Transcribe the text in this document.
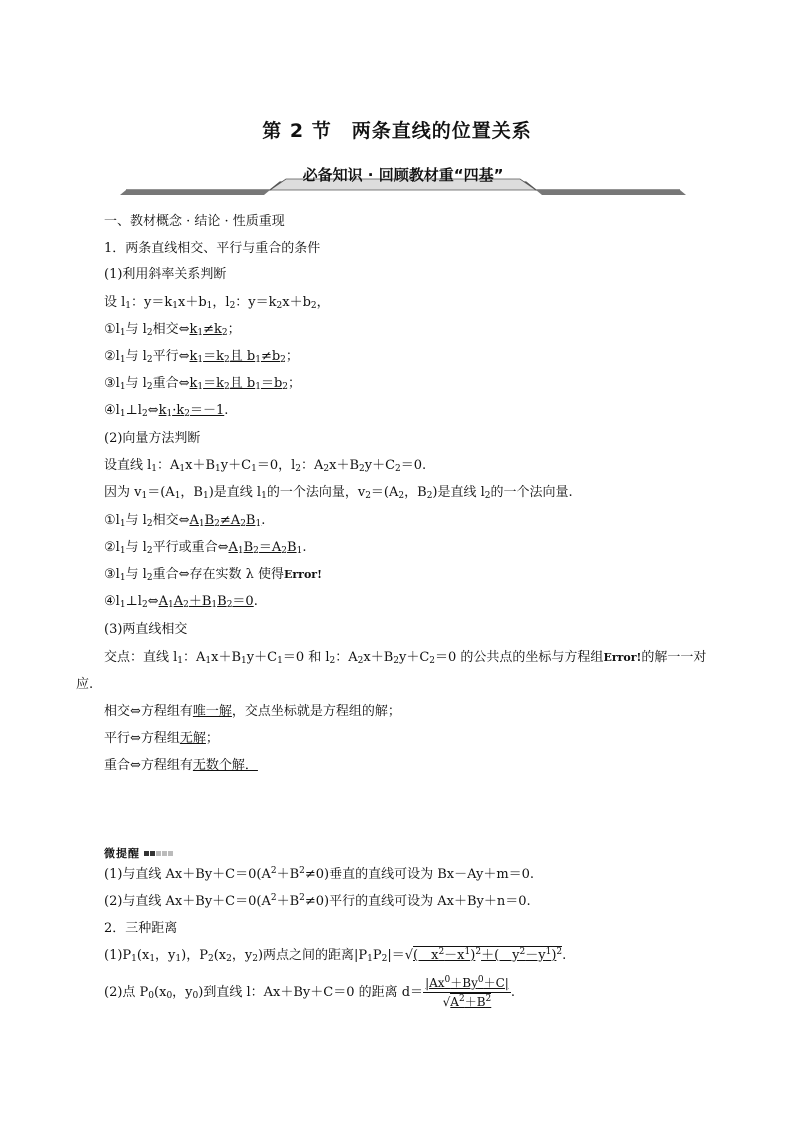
第 2 节　两条直线的位置关系
必备知识 · 回顾教材重“四基”
一、教材概念 · 结论 · 性质重现
1．两条直线相交、平行与重合的条件
(1)利用斜率关系判断
设 $l_1$：$y=k_1x+b_1$，$l_2$：$y=k_2x+b_2$，
$①l_1$与 $l_2$相交$\Leftrightarrow k_1\ne k_2$；
$②l_1$与 $l_2$平行$\Leftrightarrow k_1=k_2$且 $b_1\ne b_2$；
$③l_1$与 $l_2$重合$\Leftrightarrow k_1=k_2$且 $b_1=b_2$；
$④l_1\perp l_2\Leftrightarrow k_1\cdot k_2=-1$.
(2)向量方法判断
设直线 $l_1$：$A_1x+B_1y+C_1=0$，$l_2$：$A_2x+B_2y+C_2=0$.
因为 $v_1=(A_1$，$B_1$)是直线 $l_1$的一个法向量，$v_2=(A_2$，$B_2$)是直线 $l_2$的一个法向量.
$①l_1$与 $l_2$相交$\Leftrightarrow A_1B_2\ne A_2B_1$.
$②l_1$与 $l_2$平行或重合$\Leftrightarrow A_1B_2=A_2B_1$.
$③l_1$与 $l_2$重合⇔存在实数 λ 使得Error!
$④l_1\perp l_2\Leftrightarrow A_1A_2+B_1B_2=0$.
(3)两直线相交
交点：直线 $l_1$：$A_1x+B_1y+C_1=0$ 和 $l_2$：$A_2x+B_2y+C_2=0$ 的公共点的坐标与方程组Error!的解一一对
应.
相交⇔方程组有唯一解，交点坐标就是方程组的解；
平行⇔方程组无解；
重合⇔方程组有无数个解．
微提醒
(1)与直线 $Ax+By+C=0(A^2+B^2\ne 0)$垂直的直线可设为 Bx－Ay＋m＝0.
(2)与直线 $Ax+By+C=0(A^2+B^2\ne 0)$平行的直线可设为 Ax＋By＋n＝0.
2．三种距离
$(1)P_1(x_1$，$y_1$)，$P_2(x_2$，$y_2$)两点之间的距离$|P_1P_2|=√$(　$x^2-x^1)^2+$(　$y^2-y^1)^2$.
(2)点 $P_0(x_0$，$y_0$)到直线 l：Ax＋By＋C＝0 的距离 $d= \frac{|Ax^0+By^0+C|}{√A^2+B^2}$ .
